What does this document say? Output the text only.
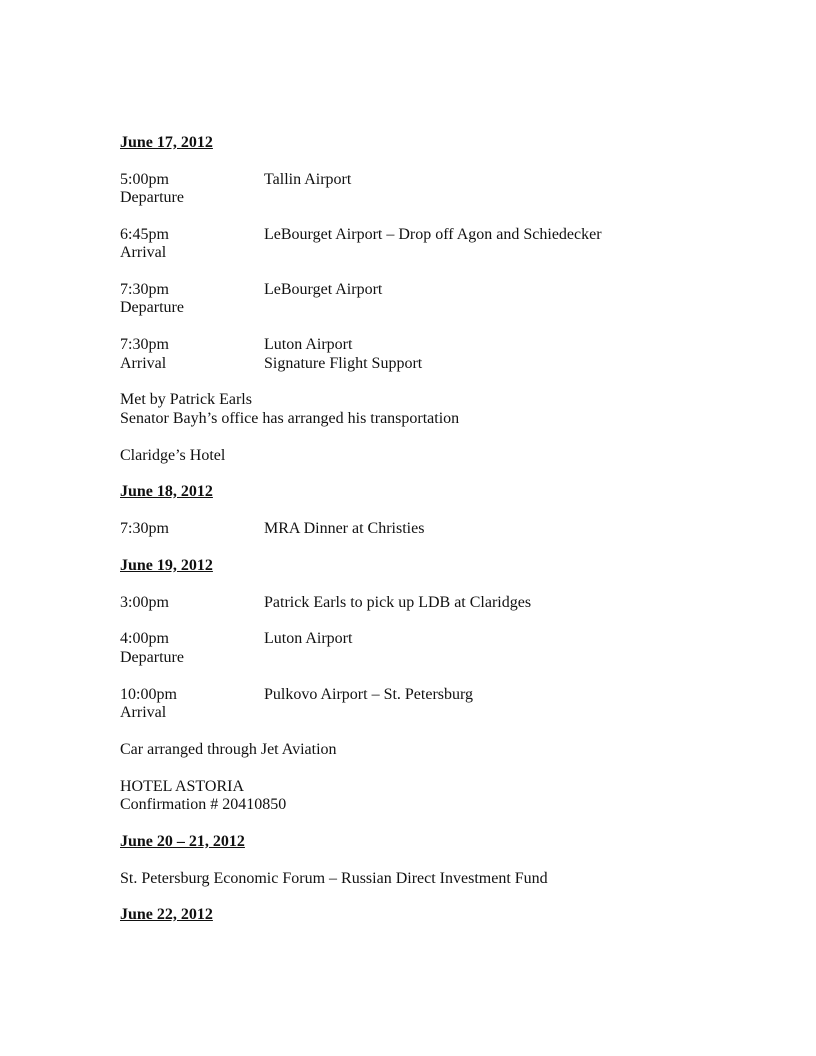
June 17, 2012
5:00pm	Tallin Airport
Departure
6:45pm	LeBourget Airport – Drop off Agon and Schiedecker
Arrival
7:30pm	LeBourget Airport
Departure
7:30pm	Luton Airport
Arrival	Signature Flight Support
Met by Patrick Earls
Senator Bayh’s office has arranged his transportation
Claridge’s Hotel
June 18, 2012
7:30pm	MRA Dinner at Christies
June 19, 2012
3:00pm	Patrick Earls to pick up LDB at Claridges
4:00pm	Luton Airport
Departure
10:00pm	Pulkovo Airport – St. Petersburg
Arrival
Car arranged through Jet Aviation
HOTEL ASTORIA
Confirmation # 20410850
June 20 – 21, 2012
St. Petersburg Economic Forum – Russian Direct Investment Fund
June 22, 2012
